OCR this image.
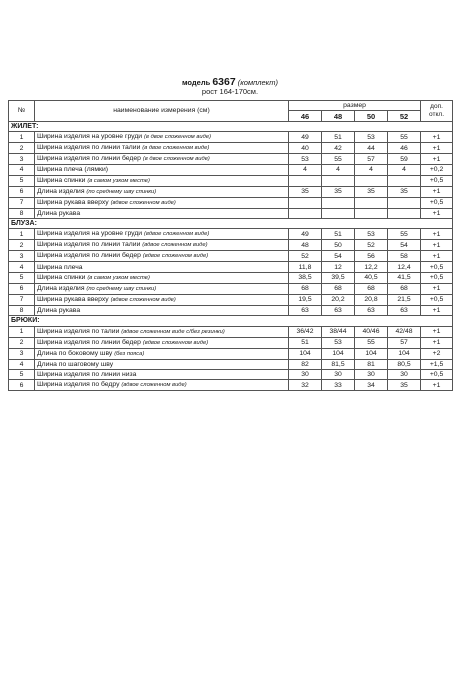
модель 6367 (комплект)
рост 164-170см.
№	наименование измерения (см)	размер				доп.
откл.
		46	48	50	52	
ЖИЛЕТ:						
1	Ширина изделия на уровне груди (в двое сложенном виде)	49	51	53	55	+1
2	Ширина изделия по линии талии (в двое сложенном виде)	40	42	44	46	+1
3	Ширина изделия по линии бедер (в двое сложенном виде)	53	55	57	59	+1
4	Ширина плеча (лямки)	4	4	4	4	+0,2
5	Ширина спинки (в самом узком месте)					+0,5
6	Длина изделия (по среднему шву спинки)	35	35	35	35	+1
7	Ширина рукава вверху (вдвое сложенном виде)					+0,5
8	Длина рукава					+1
БЛУЗА:						
1	Ширина изделия на уровне груди (вдвое сложенном виде)	49	51	53	55	+1
2	Ширина изделия по линии талии (вдвое сложенном виде)	48	50	52	54	+1
3	Ширина изделия по линии бедер (вдвое сложенном виде)	52	54	56	58	+1
4	Ширина плеча	11,8	12	12,2	12,4	+0,5
5	Ширина спинки (в самом узком месте)	38,5	39,5	40,5	41,5	+0,5
6	Длина изделия (по среднему шву спинки)	68	68	68	68	+1
7	Ширина рукава вверху (вдвое сложенном виде)	19,5	20,2	20,8	21,5	+0,5
8	Длина рукава	63	63	63	63	+1
БРЮКИ:						
1	Ширина изделия по талии (вдвое сложенном виде с/без резинки)	36/42	38/44	40/46	42/48	+1
2	Ширина изделия по линии бедер (вдвое сложенном виде)	51	53	55	57	+1
3	Длина по боковому шву (без пояса)	104	104	104	104	+2
4	Длина по шаговому шву	82	81,5	81	80,5	+1,5
5	Ширина изделия по линии низа	30	30	30	30	+0,5
6	Ширина изделия по бедру (вдвое сложенном виде)	32	33	34	35	+1
